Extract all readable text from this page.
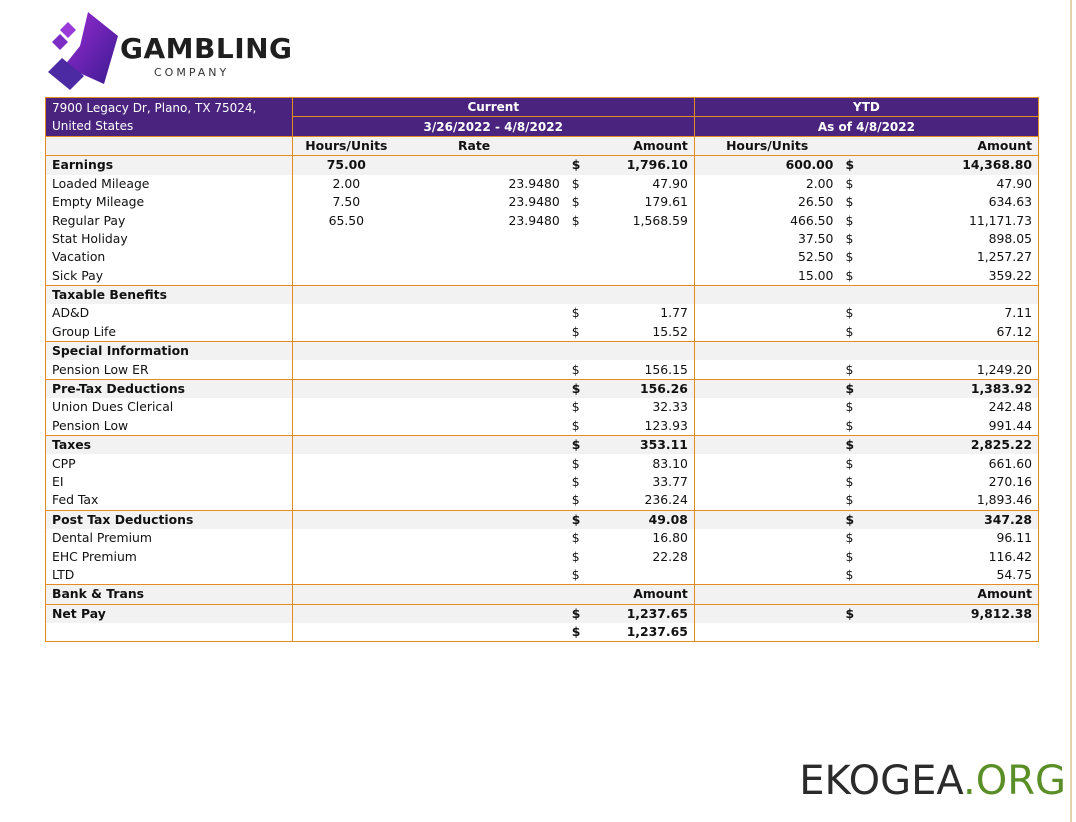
GAMBLING
COMPANY
7900 Legacy Dr, Plano, TX 75024, United States	Current				YTD		
	3/26/2022 - 4/8/2022				As of 4/8/2022		
	Hours/Units	Rate		Amount	Hours/Units		Amount
Earnings	75.00		$	1,796.10	600.00	$	14,368.80
Loaded Mileage	2.00	23.9480	$	47.90	2.00	$	47.90
Empty Mileage	7.50	23.9480	$	179.61	26.50	$	634.63
Regular Pay	65.50	23.9480	$	1,568.59	466.50	$	11,171.73
Stat Holiday					37.50	$	898.05
Vacation					52.50	$	1,257.27
Sick Pay					15.00	$	359.22
Taxable Benefits							
AD&D			$	1.77		$	7.11
Group Life			$	15.52		$	67.12
Special Information							
Pension Low ER			$	156.15		$	1,249.20
Pre-Tax Deductions			$	156.26		$	1,383.92
Union Dues Clerical			$	32.33		$	242.48
Pension Low			$	123.93		$	991.44
Taxes			$	353.11		$	2,825.22
CPP			$	83.10		$	661.60
EI			$	33.77		$	270.16
Fed Tax			$	236.24		$	1,893.46
Post Tax Deductions			$	49.08		$	347.28
Dental Premium			$	16.80		$	96.11
EHC Premium			$	22.28		$	116.42
LTD			$			$	54.75
Bank & Trans				Amount			Amount
Net Pay			$	1,237.65		$	9,812.38
			$	1,237.65			
EKOGEA.ORG
